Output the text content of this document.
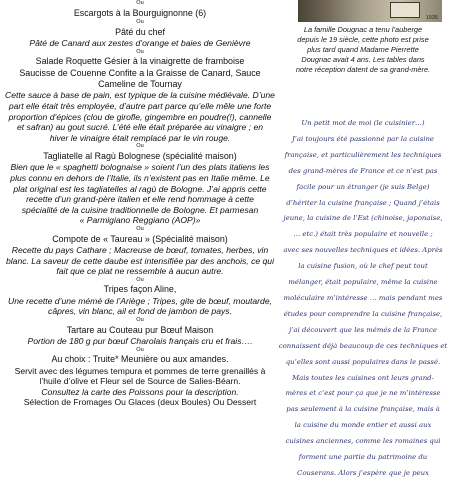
Ou
Escargots à la Bourguignonne (6)
Ou
Pâté du chef
Pâté de Canard aux zestes d’orange et baies de Genièvre
Ou
Salade Roquette Gésier à la vinaigrette de framboise
Saucisse de Couenne Confite a la Graisse de Canard, Sauce
Cameline de Tournay
Cette sauce à base de pain, est typique de la cuisine médiévale. D’une
part elle était très employée, d’autre part parce qu’elle mêle une forte
proportion d’épices (clou de girofle, gingembre en poudre(!), cannelle
et safran) au gout sucré. L’été elle était préparée au vinaigre ; en
hiver le vinaigre était remplacé par le vin rouge.
Ou
Tagliatelle al Ragù Bolognese (spécialité maison)
Bien que le « spaghetti bolognaise » soient l’un des plats italiens les
plus connu en dehors de l’Italie, ils n’existent pas en Italie même. Le
plat original est les tagliatelles al ragù de Bologne. J’ai appris cette
recette d’un grand-père italien et elle rend hommage à cette
spécialité de la cuisine traditionnelle de Bologne. Et parmesan
« Parmigiano Reggiano (AOP)»
Ou
Compote de « Taureau » (Spécialité maison)
Recette du pays Cathare ; Macreuse de bœuf, tomates, herbes, vin
blanc. La saveur de cette daube est intensifiée par des anchois, ce qui
fait que ce plat ne ressemble à aucun autre.
Ou
Tripes façon Aline,
Une recette d’une mémé de l’Ariège ; Tripes, gite de bœuf, moutarde,
câpres, vin blanc, ail et fond de jambon de pays.
Ou
Tartare au Couteau pur Bœuf Maison
Portion de 180 g pur bœuf Charolais français cru et frais….
Ou
Au choix : Truite* Meunière ou aux amandes.
Servit avec des légumes tempura et pommes de terre grenaillés à
l’huile d’olive et Fleur sel de Source de Salies-Béarn.
Consultez la carte des Poissons pour la description.
Sélection de Fromages Ou Glaces (deux Boules) Ou Dessert
1935
La famille Dougnac a tenu l’auberge
depuis le 19 siècle, cette photo est prise
plus tard quand Madame Pierrette
Dougnac avait 4 ans. Les tables dans
notre réception datent de sa grand-mère.
Un petit mot de moi (le cuisinier…)
J’ai toujours été passionné par la cuisine
française, et particulièrement les techniques
des grand-mères de France et ce n’est pas
facile pour un étranger (je suis Belge)
d’hériter la cuisine française ; Quand j’étais
jeune, la cuisine de l’Est (chinoise, japonaise,
… etc.) était très populaire et nouvelle ;
avec ses nouvelles techniques et idées. Après
la cuisine fusion, où le chef peut tout
mélanger, était populaire, même la cuisine
moléculaire m’intéresse … mais pendant mes
études pour comprendre la cuisine française,
j’ai découvert que les mémés de la France
connaissent déjà beaucoup de ces techniques et
qu’elles sont aussi populaires dans le passé.
Mais toutes les cuisines ont leurs grand-
mères et c’est pour ça que je ne m’intéresse
pas seulement à la cuisine française, mais à
la cuisine du monde entier et aussi aux
cuisines anciennes, comme les romaines qui
forment une partie du patrimoine du
Couserans. Alors j’espère que je peux
